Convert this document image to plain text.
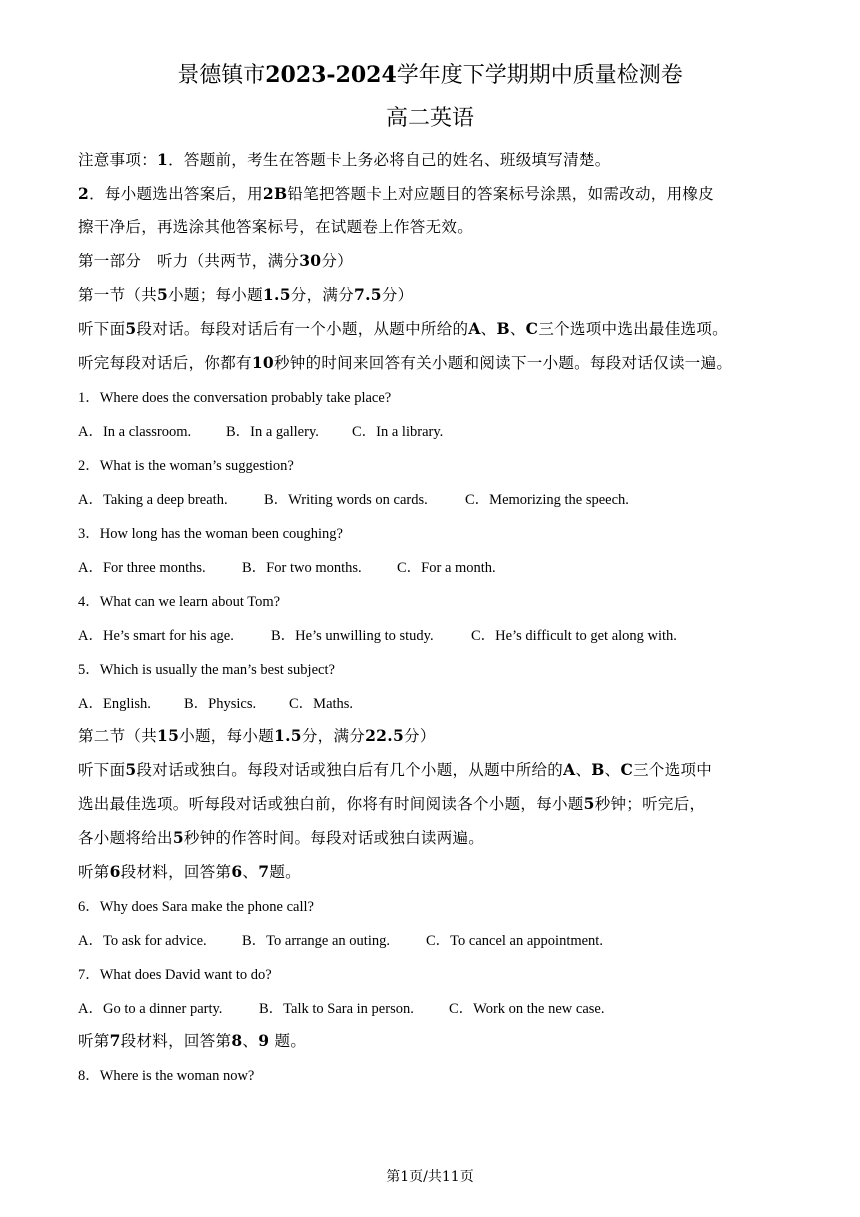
景德镇市2023-2024学年度下学期期中质量检测卷
高二英语
注意事项：1．答题前，考生在答题卡上务必将自己的姓名、班级填写清楚。
2．每小题选出答案后，用2B铅笔把答题卡上对应题目的答案标号涂黑，如需改动，用橡皮
擦干净后，再选涂其他答案标号，在试题卷上作答无效。
第一部分　听力（共两节，满分30分）
第一节（共5小题；每小题1.5分，满分7.5分）
听下面5段对话。每段对话后有一个小题，从题中所给的A、B、C三个选项中选出最佳选项。
听完每段对话后，你都有10秒钟的时间来回答有关小题和阅读下一小题。每段对话仅读一遍。
1．Where does the conversation probably take place?
A．In a classroom. B．In a gallery. C．In a library.
2．What is the woman’s suggestion?
A．Taking a deep breath.	B．Writing words on cards.	C．Memorizing the speech.
3．How long has the woman been coughing?
A．For three months.	B．For two months. C．For a month.
4．What can we learn about Tom?
A．He’s smart for his age.	B．He’s unwilling to study.	C．He’s difficult to get along with.
5．Which is usually the man’s best subject?
A．English. B．Physics. C．Maths.
第二节（共15小题，每小题1.5分，满分22.5分）
听下面5段对话或独白。每段对话或独白后有几个小题，从题中所给的A、B、C三个选项中
选出最佳选项。听每段对话或独白前，你将有时间阅读各个小题，每小题5秒钟；听完后，
各小题将给出5秒钟的作答时间。每段对话或独白读两遍。
听第6段材料，回答第6、7题。
6．Why does Sara make the phone call?
A．To ask for advice. B．To arrange an outing. C．To cancel an appointment.
7．What does David want to do?
A．Go to a dinner party.	B．Talk to Sara in person. C．Work on the new case.
听第7段材料，回答第8、9 题。
8．Where is the woman now?
第1页/共11页
